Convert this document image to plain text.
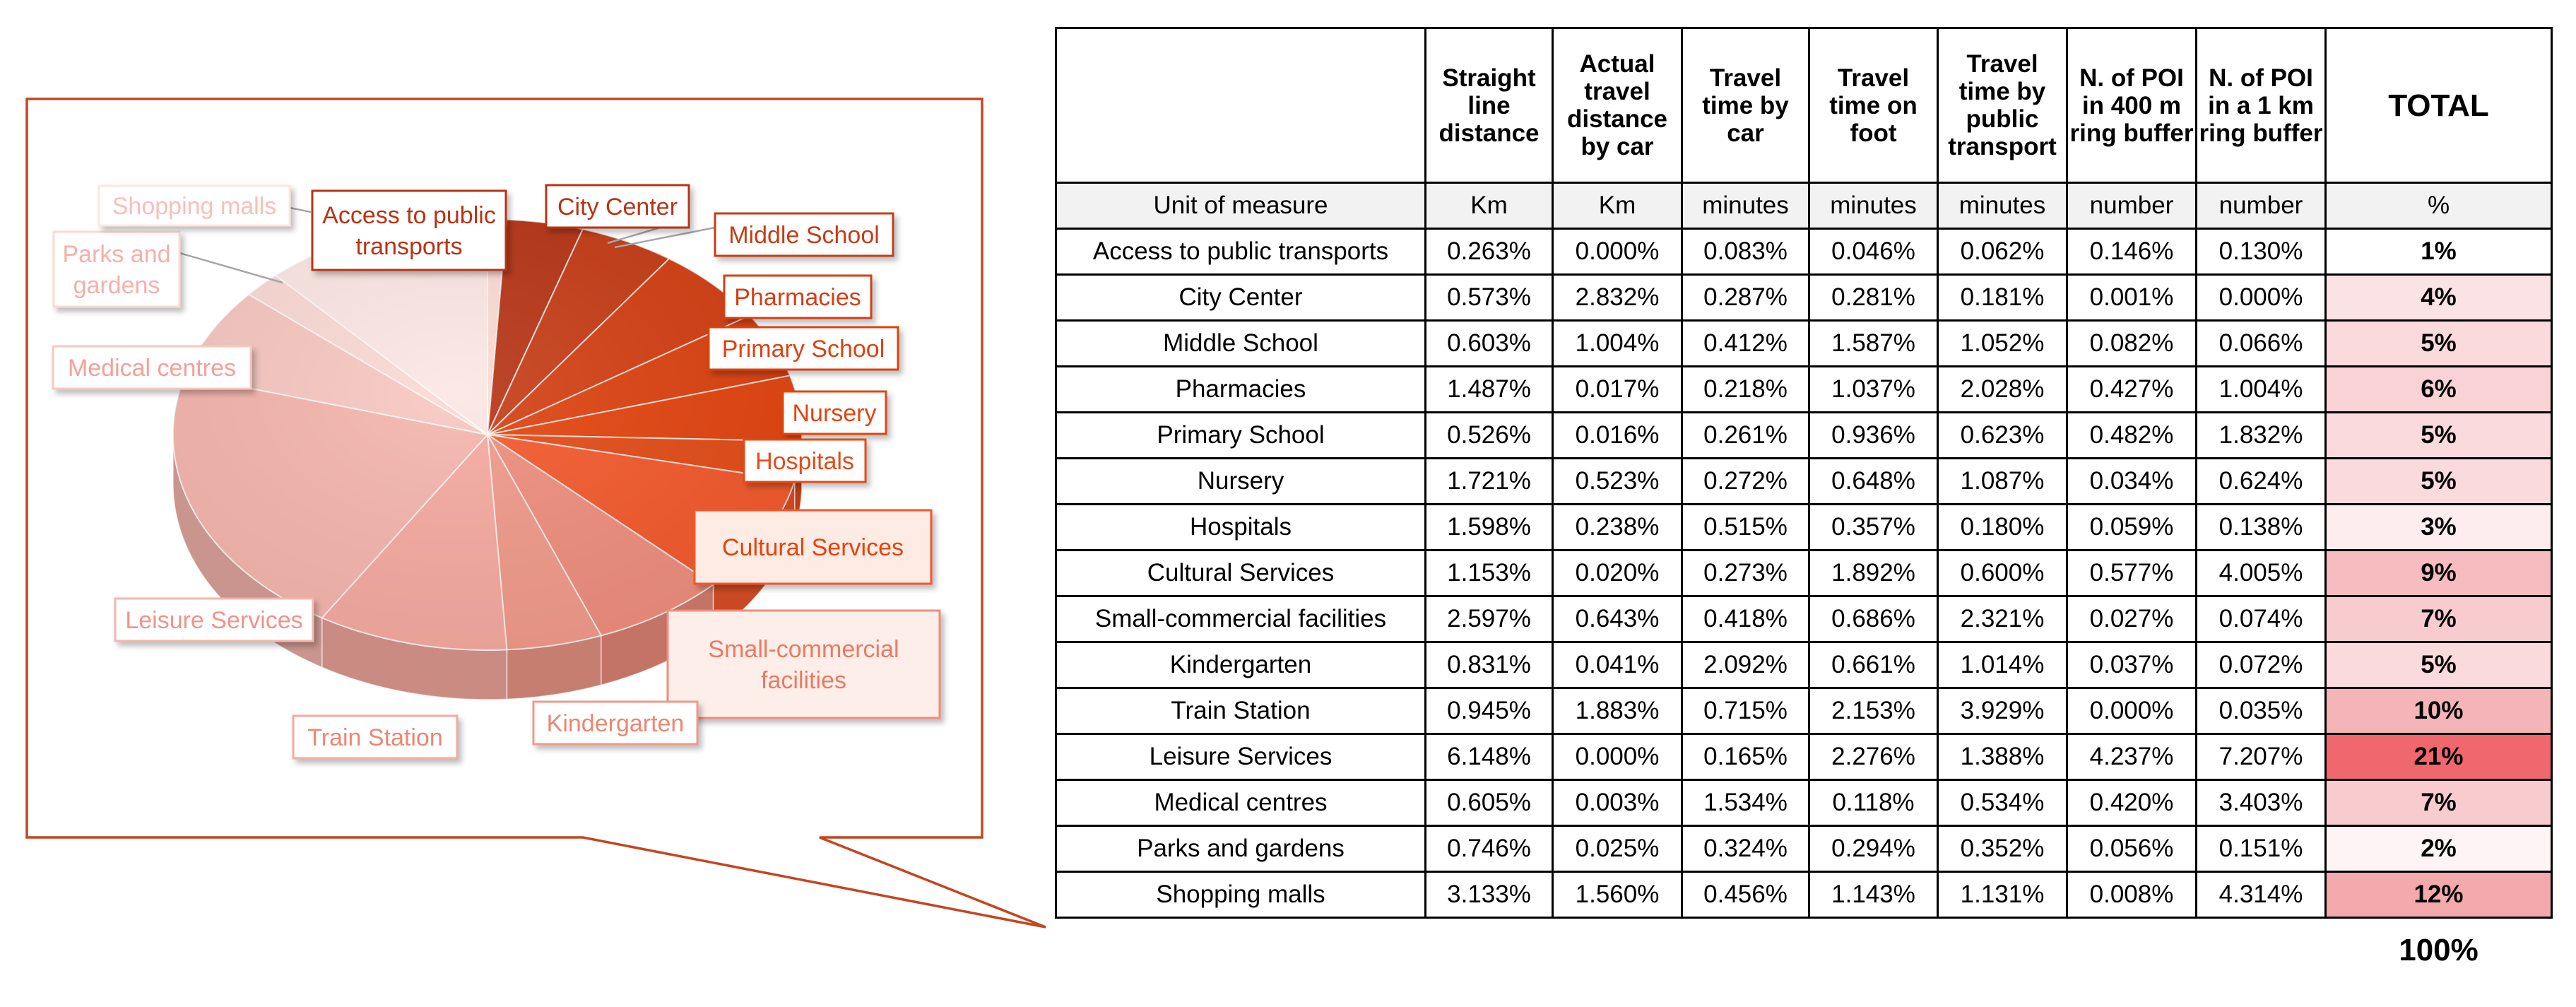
Access to public transports
City Center
Middle School
Pharmacies
Primary School
Nursery
Hospitals
Cultural Services
Small-commercial facilities
Kindergarten
Train Station
Leisure Services
Medical centres
Parks and gardens
Shopping malls
	Straight line distance	Actual travel distance by car	Travel time by car	Travel time on foot	Travel time by public transport	N. of POI in 400 m ring buffer	N. of POI in a 1 km ring buffer	TOTAL
Unit of measure	Km	Km	minutes	minutes	minutes	number	number	%
Access to public transports	0.263%	0.000%	0.083%	0.046%	0.062%	0.146%	0.130%	1%
City Center	0.573%	2.832%	0.287%	0.281%	0.181%	0.001%	0.000%	4%
Middle School	0.603%	1.004%	0.412%	1.587%	1.052%	0.082%	0.066%	5%
Pharmacies	1.487%	0.017%	0.218%	1.037%	2.028%	0.427%	1.004%	6%
Primary School	0.526%	0.016%	0.261%	0.936%	0.623%	0.482%	1.832%	5%
Nursery	1.721%	0.523%	0.272%	0.648%	1.087%	0.034%	0.624%	5%
Hospitals	1.598%	0.238%	0.515%	0.357%	0.180%	0.059%	0.138%	3%
Cultural Services	1.153%	0.020%	0.273%	1.892%	0.600%	0.577%	4.005%	9%
Small-commercial facilities	2.597%	0.643%	0.418%	0.686%	2.321%	0.027%	0.074%	7%
Kindergarten	0.831%	0.041%	2.092%	0.661%	1.014%	0.037%	0.072%	5%
Train Station	0.945%	1.883%	0.715%	2.153%	3.929%	0.000%	0.035%	10%
Leisure Services	6.148%	0.000%	0.165%	2.276%	1.388%	4.237%	7.207%	21%
Medical centres	0.605%	0.003%	1.534%	0.118%	0.534%	0.420%	3.403%	7%
Parks and gardens	0.746%	0.025%	0.324%	0.294%	0.352%	0.056%	0.151%	2%
Shopping malls	3.133%	1.560%	0.456%	1.143%	1.131%	0.008%	4.314%	12%
								100%
